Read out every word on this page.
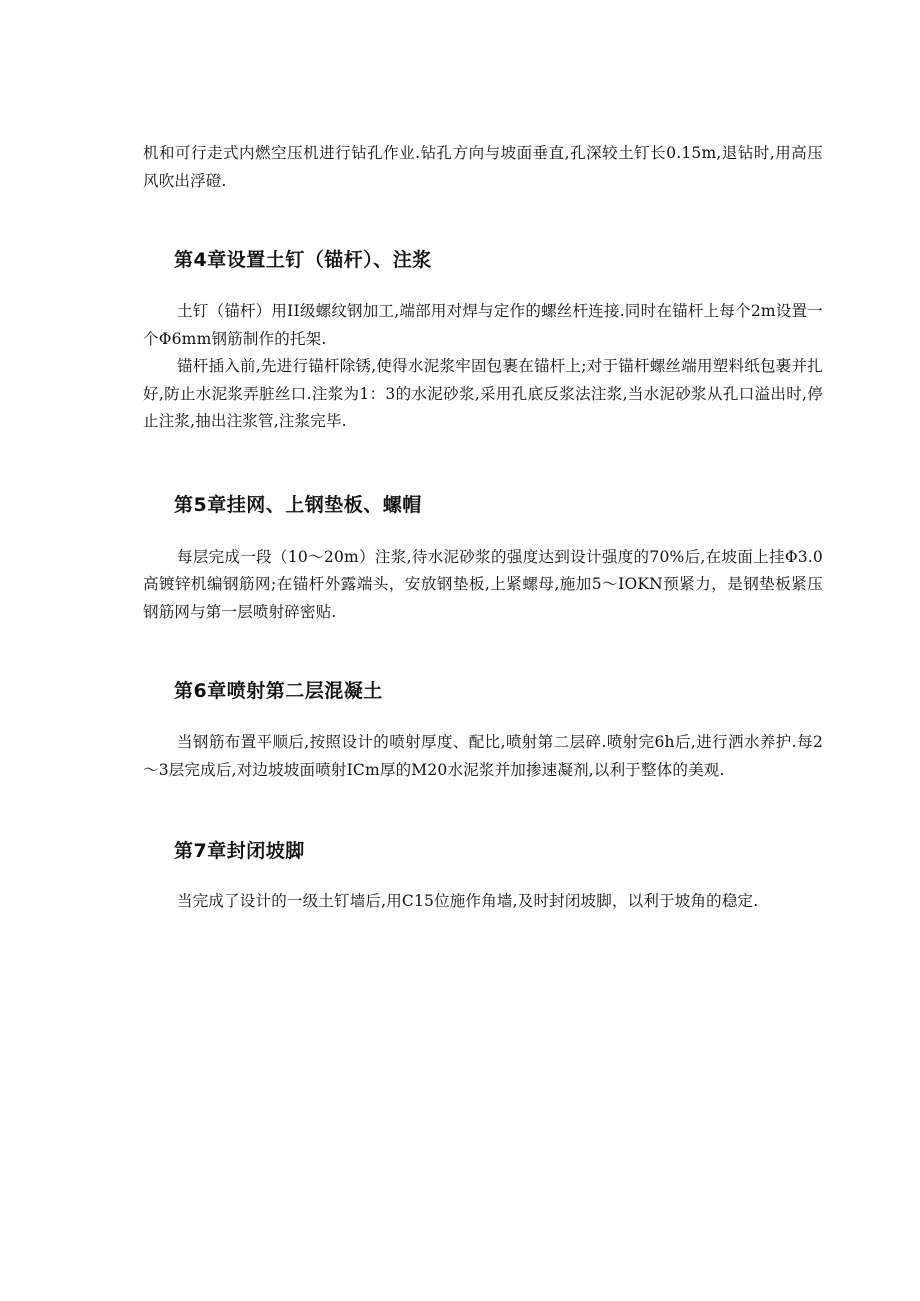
机和可行走式内燃空压机进行钻孔作业.钻孔方向与坡面垂直,孔深较土钉长0.15m,退钻时,用高压风吹出浮磴.

第4章设置土钉（锚杆）、注浆

土钉（锚杆）用II级螺纹钢加工,端部用对焊与定作的螺丝杆连接.同时在锚杆上每个2m设置一个Φ6mm钢筋制作的托架.

锚杆插入前,先进行锚杆除锈,使得水泥浆牢固包裹在锚杆上;对于锚杆螺丝端用塑料纸包裹并扎好,防止水泥浆弄脏丝口.注浆为1：3的水泥砂浆,采用孔底反浆法注浆,当水泥砂浆从孔口溢出时,停止注浆,抽出注浆管,注浆完毕.

第5章挂网、上钢垫板、螺帽

每层完成一段（10～20m）注浆,待水泥砂浆的强度达到设计强度的70%后,在坡面上挂Φ3.0高镀锌机编钢筋网;在锚杆外露端头，安放钢垫板,上紧螺母,施加5～IOKN预紧力，是钢垫板紧压钢筋网与第一层喷射碎密贴.

第6章喷射第二层混凝土

当钢筋布置平顺后,按照设计的喷射厚度、配比,喷射第二层碎.喷射完6h后,进行洒水养护.每2～3层完成后,对边坡坡面喷射ICm厚的M20水泥浆并加掺速凝剂,以利于整体的美观.

第7章封闭坡脚

当完成了设计的一级土钉墙后,用C15位施作角墙,及时封闭坡脚，以利于坡角的稳定.
